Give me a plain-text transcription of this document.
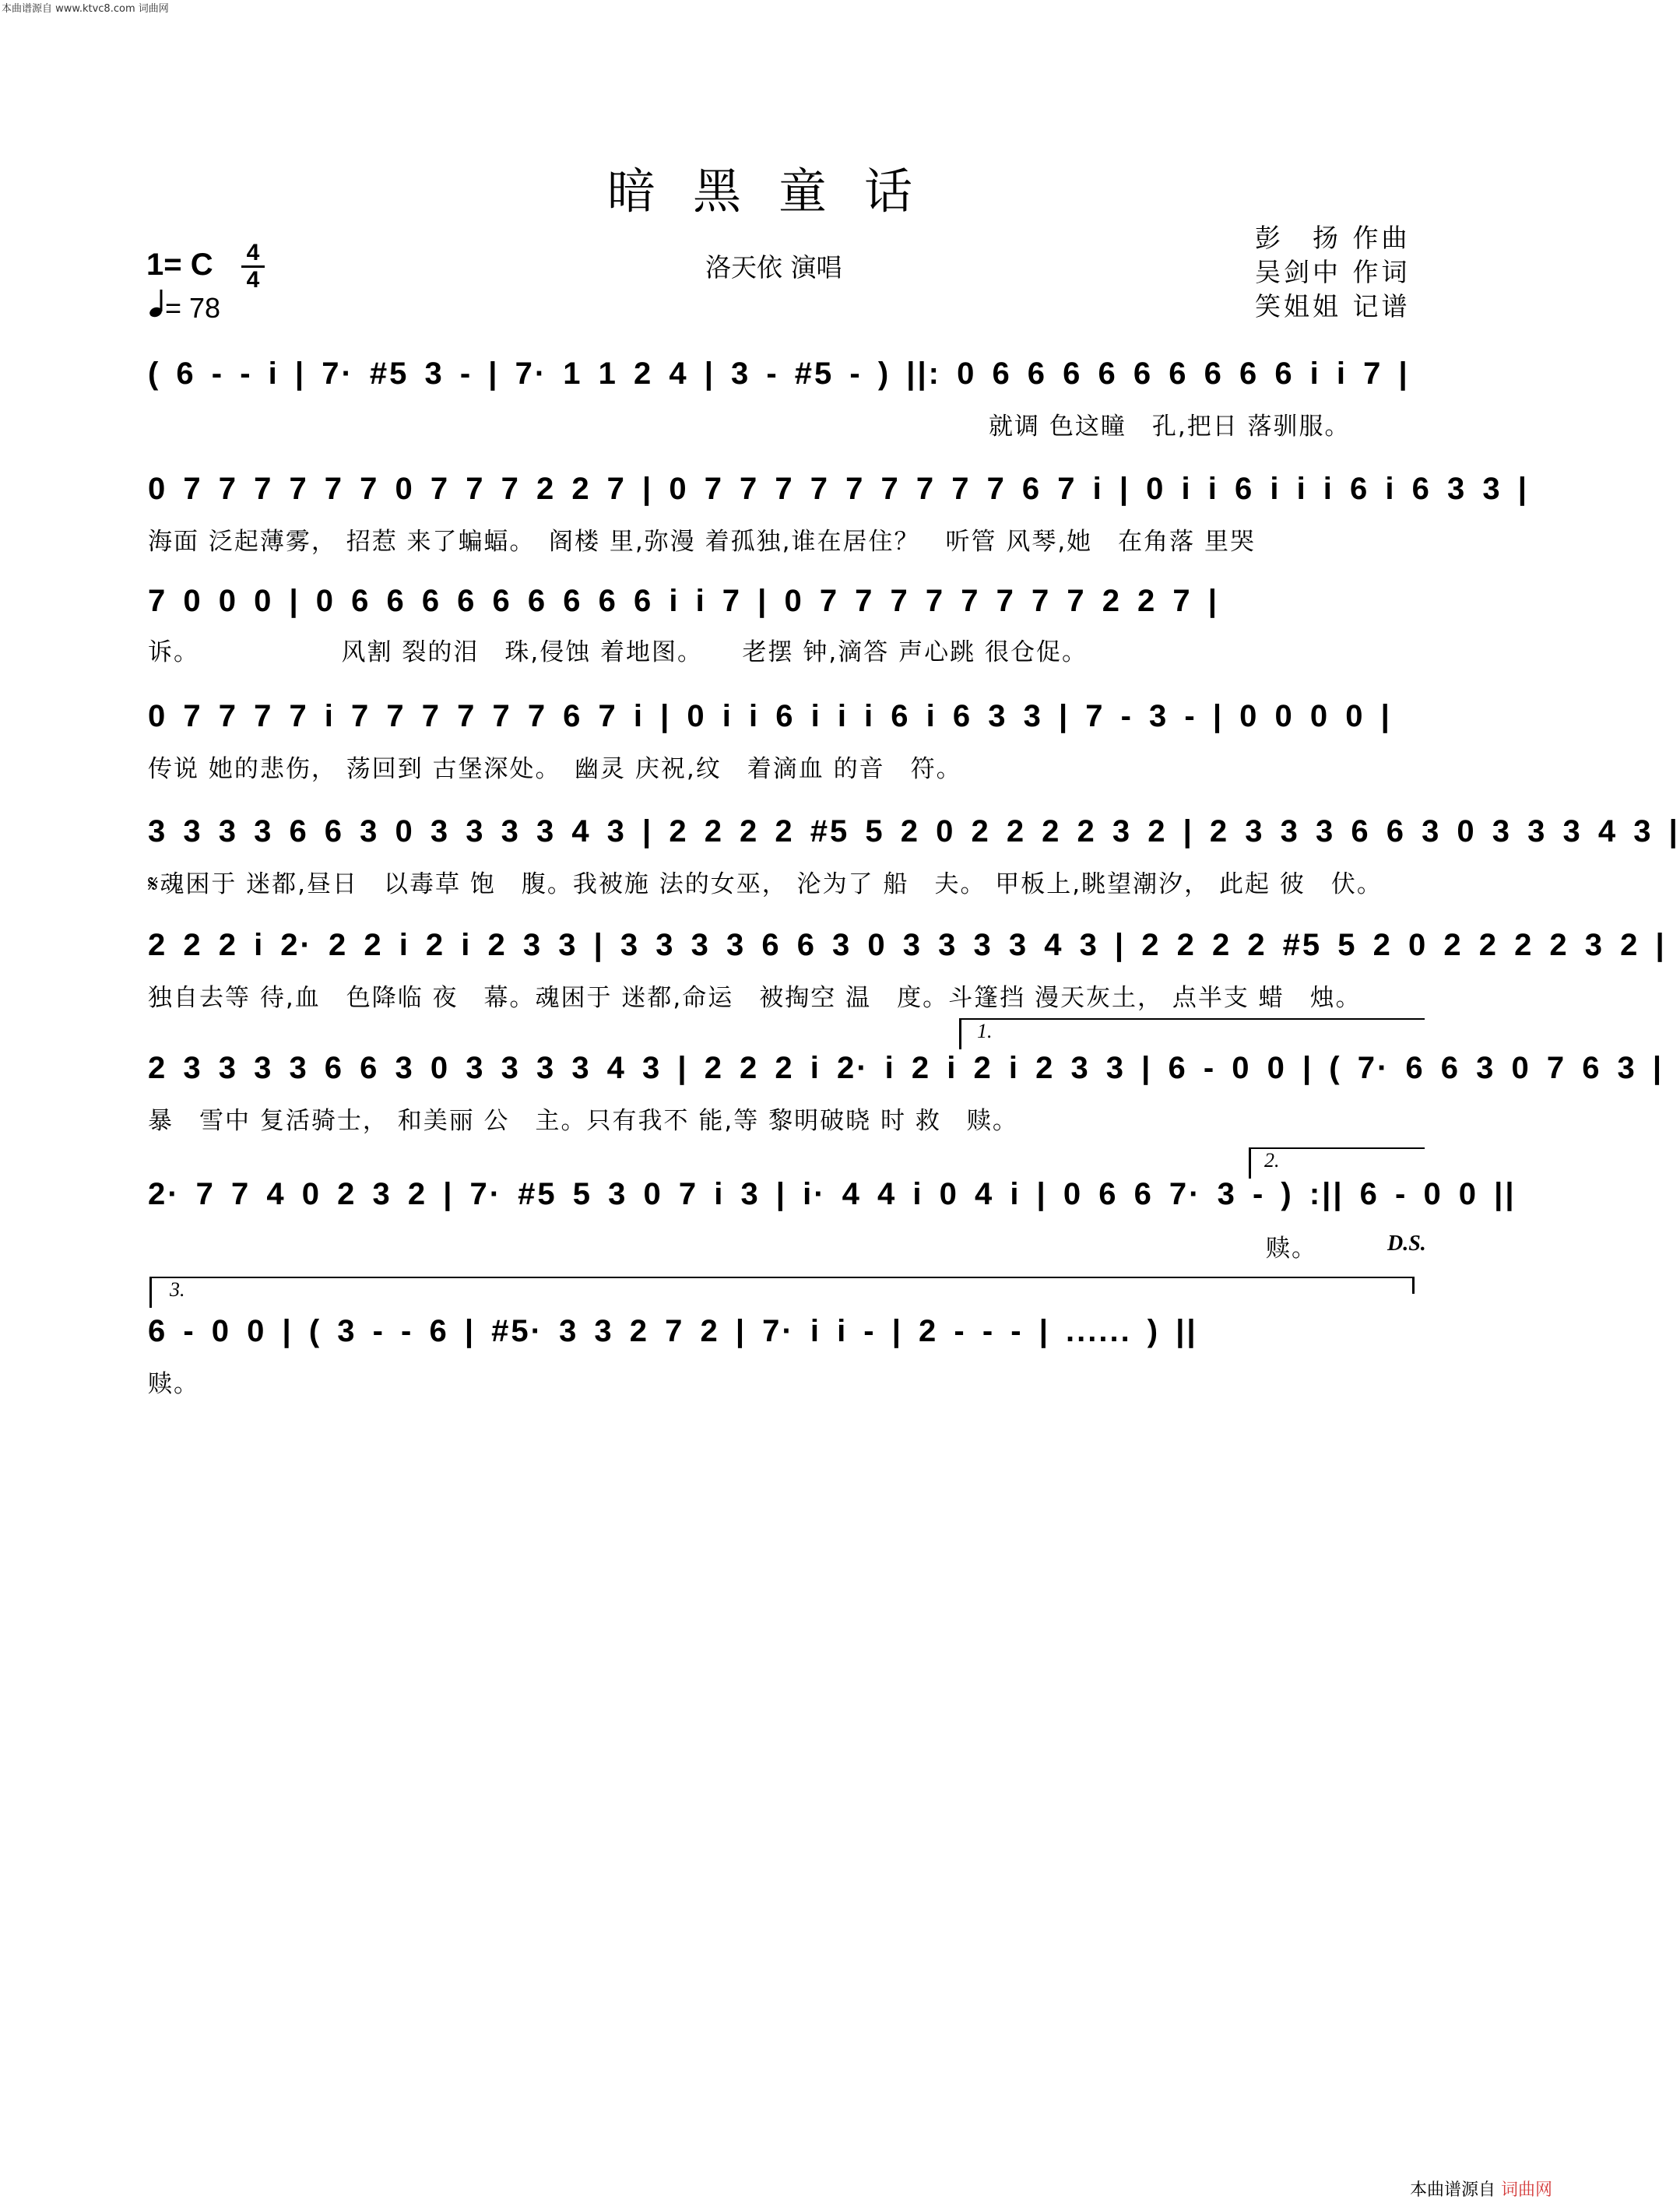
本曲谱源自 www.ktvc8.com 词曲网
暗黑童话
1= C 4
4
= 78
洛天依 演唱
彭　扬 作曲
吴剑中 作词
笑姐姐 记谱
( 6 - - i | 7· #5 3 - | 7· 1 1 2 4 | 3 - #5 - ) ||: 0 6 6 6 6 6 6 6 6 6 i i 7 |
就调 色这瞳　孔,把日 落驯服。
0 7 7 7 7 7 7 0 7 7 7 2 2 7 | 0 7 7 7 7 7 7 7 7 7 6 7 i | 0 i i 6 i i i 6 i 6 3 3 |
海面 泛起薄雾， 招惹 来了蝙蝠。　阁楼 里,弥漫 着孤独,谁在居住？　听管 风琴,她　在角落 里哭
7 0 0 0 | 0 6 6 6 6 6 6 6 6 6 i i 7 | 0 7 7 7 7 7 7 7 7 2 2 7 |
诉。　　　　　　风割 裂的泪　珠,侵蚀 着地图。　　老摆 钟,滴答 声心跳 很仓促。
0 7 7 7 7 i 7 7 7 7 7 7 6 7 i | 0 i i 6 i i i 6 i 6 3 3 | 7 - 3 - | 0 0 0 0 |
传说 她的悲伤， 荡回到 古堡深处。　幽灵 庆祝,纹　着滴血 的音　符。
3 3 3 3 6 6 3 0 3 3 3 3 4 3 | 2 2 2 2 #5 5 2 0 2 2 2 2 3 2 | 2 3 3 3 6 6 3 0 3 3 3 4 3 |
𝄋魂困于 迷都,昼日　以毒草 饱　腹。我被施 法的女巫， 沦为了 船　夫。 甲板上,眺望潮汐， 此起 彼　伏。
2 2 2 i 2· 2 2 i 2 i 2 3 3 | 3 3 3 3 6 6 3 0 3 3 3 3 4 3 | 2 2 2 2 #5 5 2 0 2 2 2 2 3 2 |
独自去等 待,血　色降临 夜　幕。魂困于 迷都,命运　被掏空 温　度。斗篷挡 漫天灰土， 点半支 蜡　烛。
1.
2 3 3 3 3 6 6 3 0 3 3 3 3 4 3 | 2 2 2 i 2· i 2 i 2 i 2 3 3 | 6 - 0 0 | ( 7· 6 6 3 0 7 6 3 |
暴　雪中 复活骑士， 和美丽 公　主。只有我不 能,等 黎明破晓 时 救　赎。
2.
2· 7 7 4 0 2 3 2 | 7· #5 5 3 0 7 i 3 | i· 4 4 i 0 4 i | 0 6 6 7· 3 - ) :|| 6 - 0 0 ||
赎。	D.S.
3.
6 - 0 0 | ( 3 - - 6 | #5· 3 3 2 7 2 | 7· i i - | 2 - - - | ...... ) ||
赎。
本曲谱源自 词曲网
